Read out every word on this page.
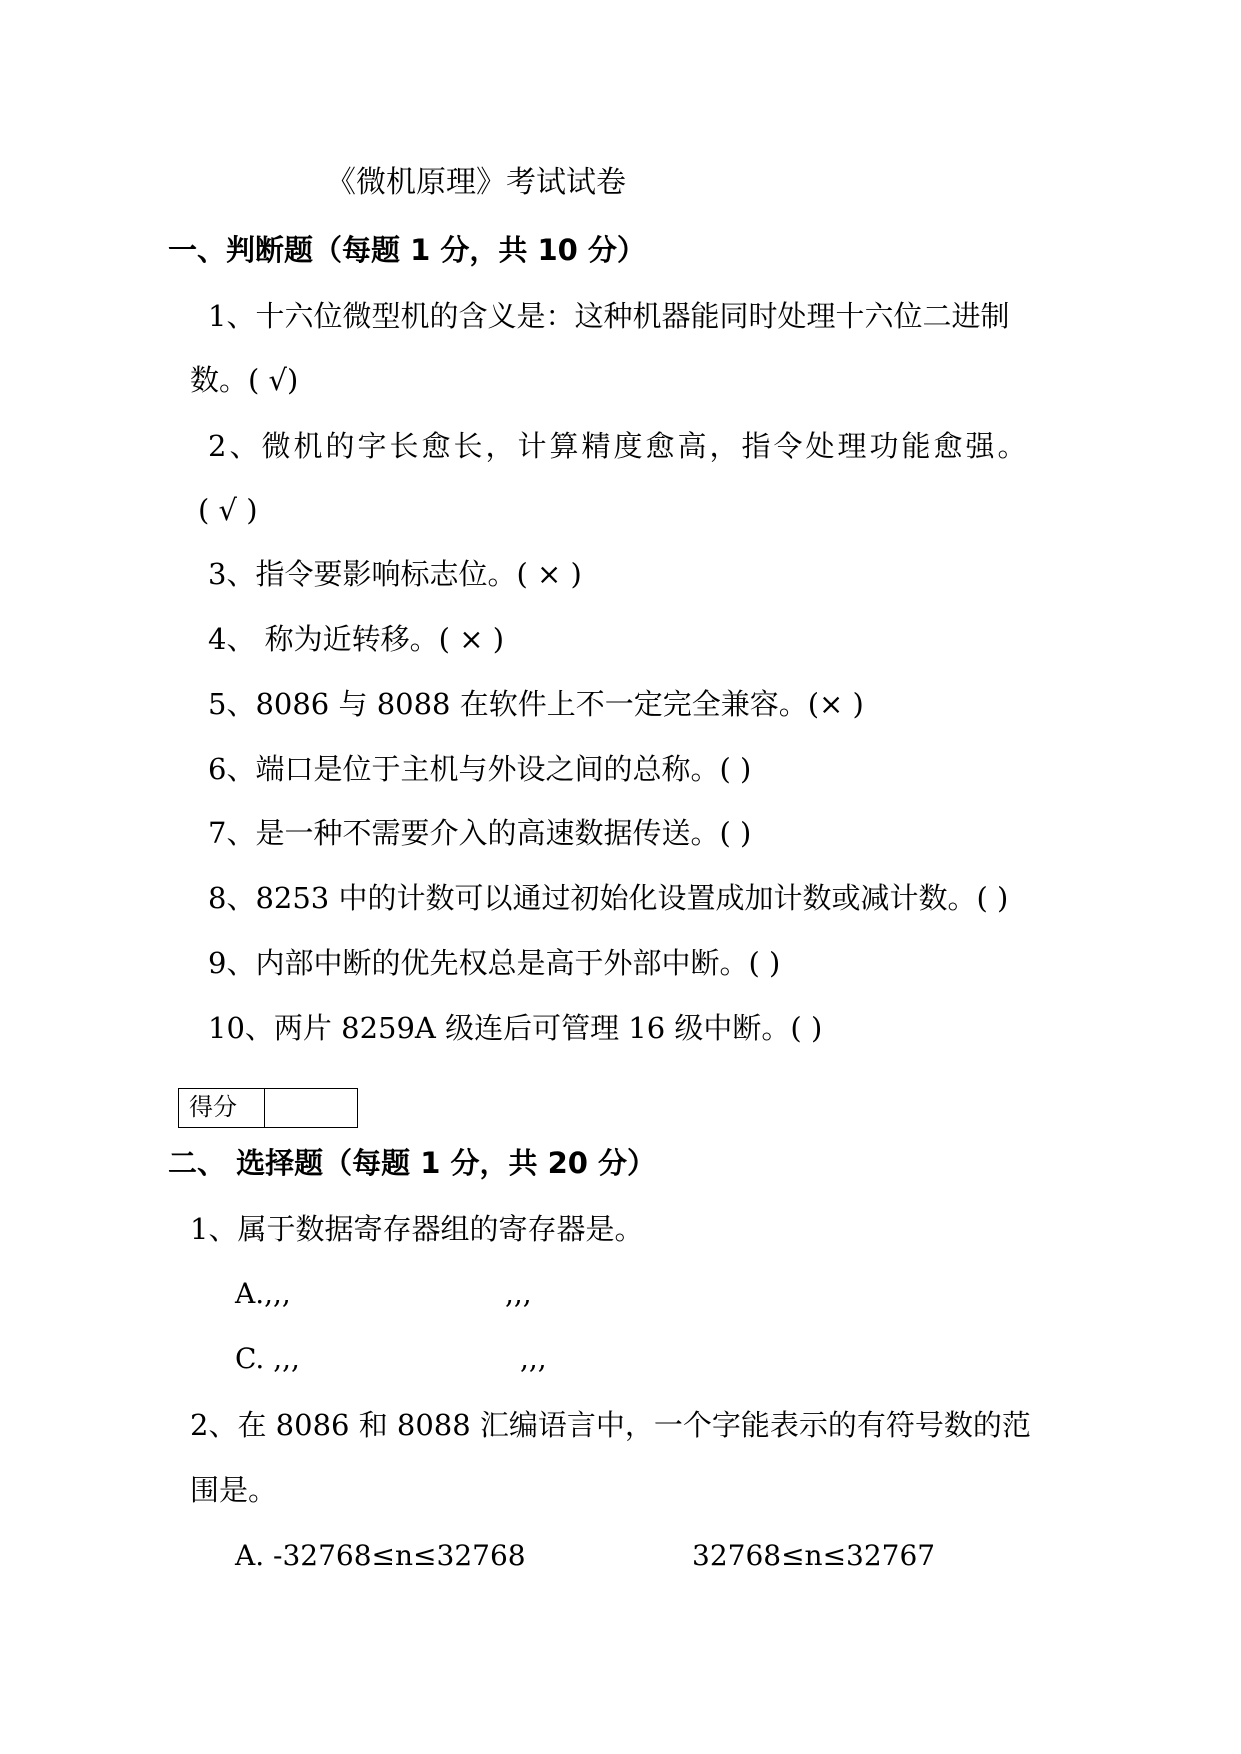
《微机原理》考试试卷
一、判断题（每题 1 分，共 10 分）
1、十六位微型机的含义是：这种机器能同时处理十六位二进制
数。( √)
2、微机的字长愈长，计算精度愈高，指令处理功能愈强。
( √ )
3、指令要影响标志位。( × )
4、 称为近转移。( × )
5、8086 与 8088 在软件上不一定完全兼容。(× )
6、端口是位于主机与外设之间的总称。( )
7、是一种不需要介入的高速数据传送。( )
8、8253 中的计数可以通过初始化设置成加计数或减计数。( )
9、内部中断的优先权总是高于外部中断。( )
10、两片 8259A 级连后可管理 16 级中断。( )
得分
二、 选择题（每题 1 分，共 20 分）
1、属于数据寄存器组的寄存器是。
A.,,,	,,,
C. ,,,	,,,
2、在 8086 和 8088 汇编语言中，一个字能表示的有符号数的范
围是。
A. -32768≤n≤32768	32768≤n≤32767
